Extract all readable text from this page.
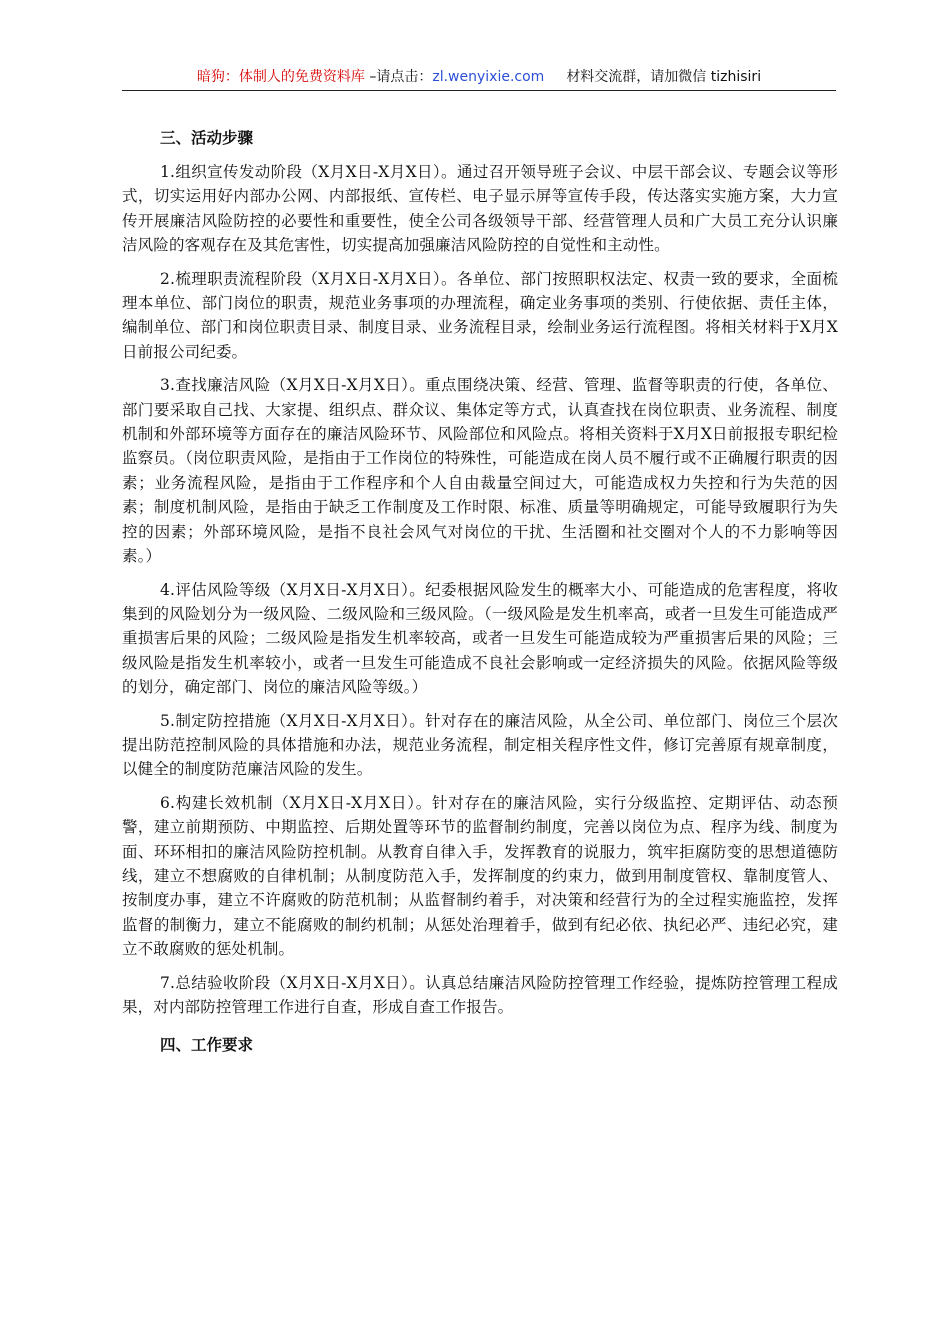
暗狗：体制人的免费资料库 –请点击：zl.wenyixie.com 材料交流群，请加微信 tizhisiri
三、活动步骤

1.组织宣传发动阶段（X月X日-X月X日）。通过召开领导班子会议、中层干部会议、专题会议等形式，切实运用好内部办公网、内部报纸、宣传栏、电子显示屏等宣传手段，传达落实实施方案，大力宣传开展廉洁风险防控的必要性和重要性，使全公司各级领导干部、经营管理人员和广大员工充分认识廉洁风险的客观存在及其危害性，切实提高加强廉洁风险防控的自觉性和主动性。

2.梳理职责流程阶段（X月X日-X月X日）。各单位、部门按照职权法定、权责一致的要求，全面梳理本单位、部门岗位的职责，规范业务事项的办理流程，确定业务事项的类别、行使依据、责任主体，编制单位、部门和岗位职责目录、制度目录、业务流程目录，绘制业务运行流程图。将相关材料于X月X日前报公司纪委。

3.查找廉洁风险（X月X日-X月X日）。重点围绕决策、经营、管理、监督等职责的行使，各单位、部门要采取自己找、大家提、组织点、群众议、集体定等方式，认真查找在岗位职责、业务流程、制度机制和外部环境等方面存在的廉洁风险环节、风险部位和风险点。将相关资料于X月X日前报报专职纪检监察员。（岗位职责风险，是指由于工作岗位的特殊性，可能造成在岗人员不履行或不正确履行职责的因素；业务流程风险，是指由于工作程序和个人自由裁量空间过大，可能造成权力失控和行为失范的因素；制度机制风险，是指由于缺乏工作制度及工作时限、标准、质量等明确规定，可能导致履职行为失控的因素；外部环境风险，是指不良社会风气对岗位的干扰、生活圈和社交圈对个人的不力影响等因素。）

4.评估风险等级（X月X日-X月X日）。纪委根据风险发生的概率大小、可能造成的危害程度，将收集到的风险划分为一级风险、二级风险和三级风险。（一级风险是发生机率高，或者一旦发生可能造成严重损害后果的风险；二级风险是指发生机率较高，或者一旦发生可能造成较为严重损害后果的风险；三级风险是指发生机率较小，或者一旦发生可能造成不良社会影响或一定经济损失的风险。依据风险等级的划分，确定部门、岗位的廉洁风险等级。）

5.制定防控措施（X月X日-X月X日）。针对存在的廉洁风险，从全公司、单位部门、岗位三个层次提出防范控制风险的具体措施和办法，规范业务流程，制定相关程序性文件，修订完善原有规章制度，以健全的制度防范廉洁风险的发生。

6.构建长效机制（X月X日-X月X日）。针对存在的廉洁风险，实行分级监控、定期评估、动态预警，建立前期预防、中期监控、后期处置等环节的监督制约制度，完善以岗位为点、程序为线、制度为面、环环相扣的廉洁风险防控机制。从教育自律入手，发挥教育的说服力，筑牢拒腐防变的思想道德防线，建立不想腐败的自律机制；从制度防范入手，发挥制度的约束力，做到用制度管权、靠制度管人、按制度办事，建立不许腐败的防范机制；从监督制约着手，对决策和经营行为的全过程实施监控，发挥监督的制衡力，建立不能腐败的制约机制；从惩处治理着手，做到有纪必依、执纪必严、违纪必究，建立不敢腐败的惩处机制。

7.总结验收阶段（X月X日-X月X日）。认真总结廉洁风险防控管理工作经验，提炼防控管理工程成果，对内部防控管理工作进行自查，形成自查工作报告。

四、工作要求
